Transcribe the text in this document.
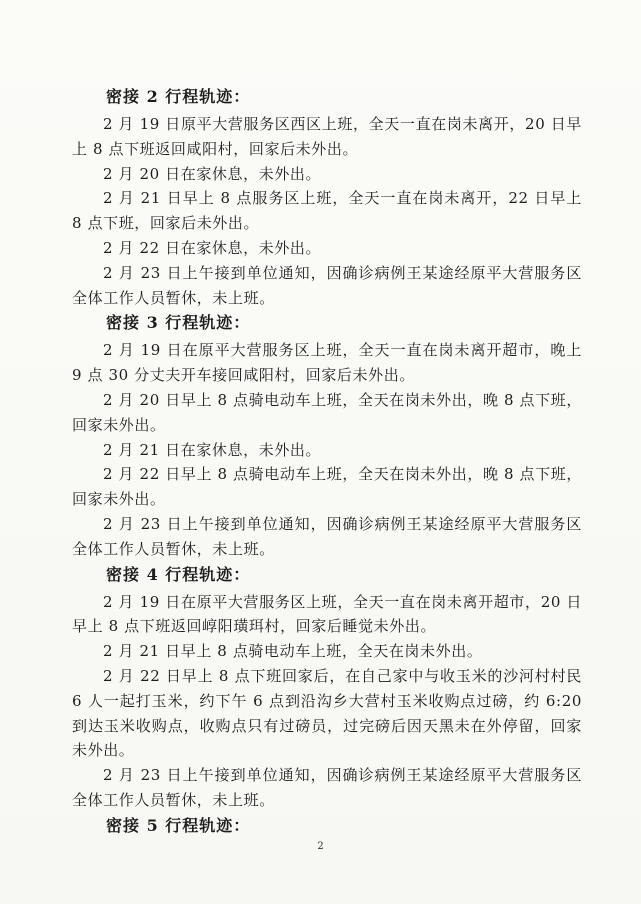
密接 2 行程轨迹：

2 月 19 日原平大营服务区西区上班，全天一直在岗未离开，20 日早上 8 点下班返回咸阳村，回家后未外出。

2 月 20 日在家休息，未外出。

2 月 21 日早上 8 点服务区上班，全天一直在岗未离开，22 日早上 8 点下班，回家后未外出。

2 月 22 日在家休息，未外出。

2 月 23 日上午接到单位通知，因确诊病例王某途经原平大营服务区全体工作人员暂休，未上班。

密接 3 行程轨迹：

2 月 19 日在原平大营服务区上班，全天一直在岗未离开超市，晚上 9 点 30 分丈夫开车接回咸阳村，回家后未外出。

2 月 20 日早上 8 点骑电动车上班，全天在岗未外出，晚 8 点下班，回家未外出。

2 月 21 日在家休息，未外出。

2 月 22 日早上 8 点骑电动车上班，全天在岗未外出，晚 8 点下班，回家未外出。

2 月 23 日上午接到单位通知，因确诊病例王某途经原平大营服务区全体工作人员暂休，未上班。

密接 4 行程轨迹：

2 月 19 日在原平大营服务区上班，全天一直在岗未离开超市，20 日早上 8 点下班返回崞阳璜珥村，回家后睡觉未外出。

2 月 21 日早上 8 点骑电动车上班，全天在岗未外出。

2 月 22 日早上 8 点下班回家后，在自己家中与收玉米的沙河村村民 6 人一起打玉米，约下午 6 点到沿沟乡大营村玉米收购点过磅，约 6:20 到达玉米收购点，收购点只有过磅员，过完磅后因天黑未在外停留，回家未外出。

2 月 23 日上午接到单位通知，因确诊病例王某途经原平大营服务区全体工作人员暂休，未上班。

密接 5 行程轨迹：
2
